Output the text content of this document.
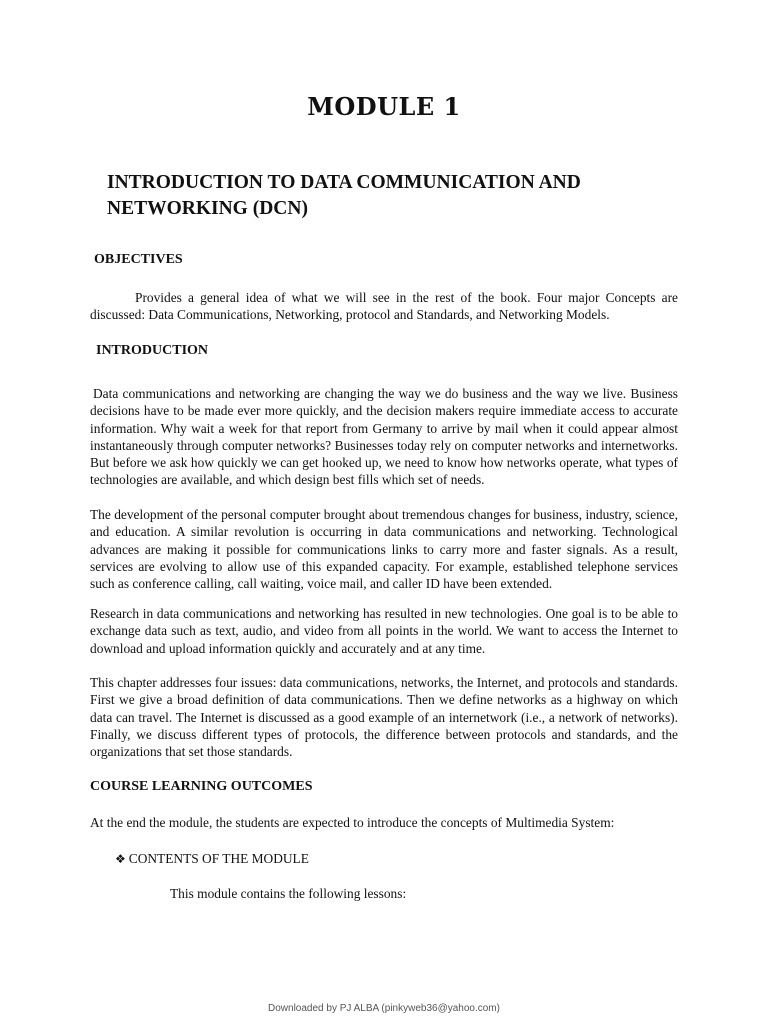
MODULE 1
INTRODUCTION TO DATA COMMUNICATION AND NETWORKING (DCN)
OBJECTIVES

Provides a general idea of what we will see in the rest of the book. Four major Concepts are discussed: Data Communications, Networking, protocol and Standards, and Networking Models.

INTRODUCTION

Data communications and networking are changing the way we do business and the way we live. Business decisions have to be made ever more quickly, and the decision makers require immediate access to accurate information. Why wait a week for that report from Germany to arrive by mail when it could appear almost instantaneously through computer networks? Businesses today rely on computer networks and internetworks. But before we ask how quickly we can get hooked up, we need to know how networks operate, what types of technologies are available, and which design best fills which set of needs.

The development of the personal computer brought about tremendous changes for business, industry, science, and education. A similar revolution is occurring in data communications and networking. Technological advances are making it possible for communications links to carry more and faster signals. As a result, services are evolving to allow use of this expanded capacity. For example, established telephone services such as conference calling, call waiting, voice mail, and caller ID have been extended.

Research in data communications and networking has resulted in new technologies. One goal is to be able to exchange data such as text, audio, and video from all points in the world. We want to access the Internet to download and upload information quickly and accurately and at any time.

This chapter addresses four issues: data communications, networks, the Internet, and protocols and standards. First we give a broad definition of data communications. Then we define networks as a highway on which data can travel. The Internet is discussed as a good example of an internetwork (i.e., a network of networks). Finally, we discuss different types of protocols, the difference between protocols and standards, and the organizations that set those standards.

COURSE LEARNING OUTCOMES

At the end the module, the students are expected to introduce the concepts of Multimedia System:

❖ CONTENTS OF THE MODULE
This module contains the following lessons:
Downloaded by PJ ALBA (pinkyweb36@yahoo.com)
